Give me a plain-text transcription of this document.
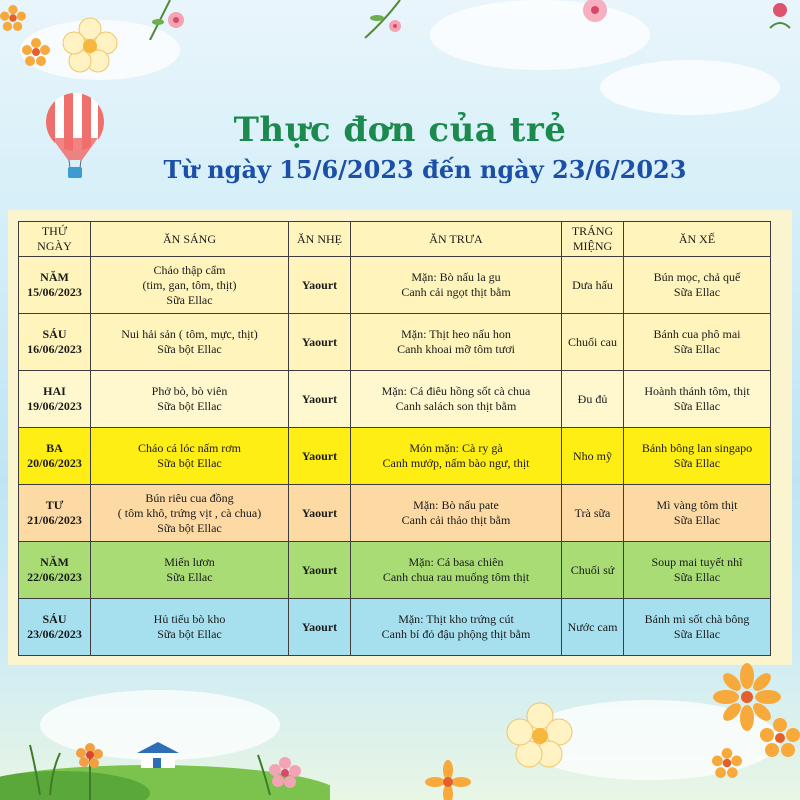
Thực đơn của trẻ
Từ ngày 15/6/2023 đến ngày 23/6/2023
THỨ
NGÀY	ĂN SÁNG	ĂN NHẸ	ĂN TRƯA	TRÁNG
MIỆNG	ĂN XẾ

NĂM
15/06/2023	Cháo thập cẩm
(tim, gan, tôm, thịt)
Sữa Ellac	Yaourt	Mặn: Bò nấu la gu
Canh cải ngọt thịt bằm	Dưa hấu	Bún mọc, chả quế
Sữa Ellac

SÁU
16/06/2023	Nui hải sản ( tôm, mực, thịt)
Sữa bột Ellac	Yaourt	Mặn: Thịt heo nấu hon
Canh khoai mỡ tôm tươi	Chuối cau	Bánh cua phô mai
Sữa Ellac

HAI
19/06/2023	Phở bò, bò viên
Sữa bột Ellac	Yaourt	Mặn: Cá điêu hồng sốt cà chua
Canh salách son thịt bằm	Đu đủ	Hoành thánh tôm, thịt
Sữa Ellac

BA
20/06/2023	Cháo cá lóc nấm rơm
Sữa bột Ellac	Yaourt	Món mặn: Cà ry gà
Canh mướp, nấm bào ngư, thịt	Nho mỹ	Bánh bông lan singapo
Sữa Ellac

TƯ
21/06/2023	Bún riêu cua đồng
( tôm khô, trứng vịt , cà chua)
Sữa bột Ellac	Yaourt	Mặn: Bò nấu pate
Canh cải thảo thịt bằm	Trà sữa	Mì vàng tôm thịt
Sữa Ellac

NĂM
22/06/2023	Miến lươn
Sữa Ellac	Yaourt	Mặn: Cá basa chiên
Canh chua rau muống tôm thịt	Chuối sứ	Soup mai tuyết nhĩ
Sữa Ellac

SÁU
23/06/2023	Hủ tiếu bò kho
Sữa bột Ellac	Yaourt	Mặn: Thịt kho trứng cút
Canh bí đỏ đậu phộng thịt bằm	Nước cam	Bánh mì sốt chà bông
Sữa Ellac
